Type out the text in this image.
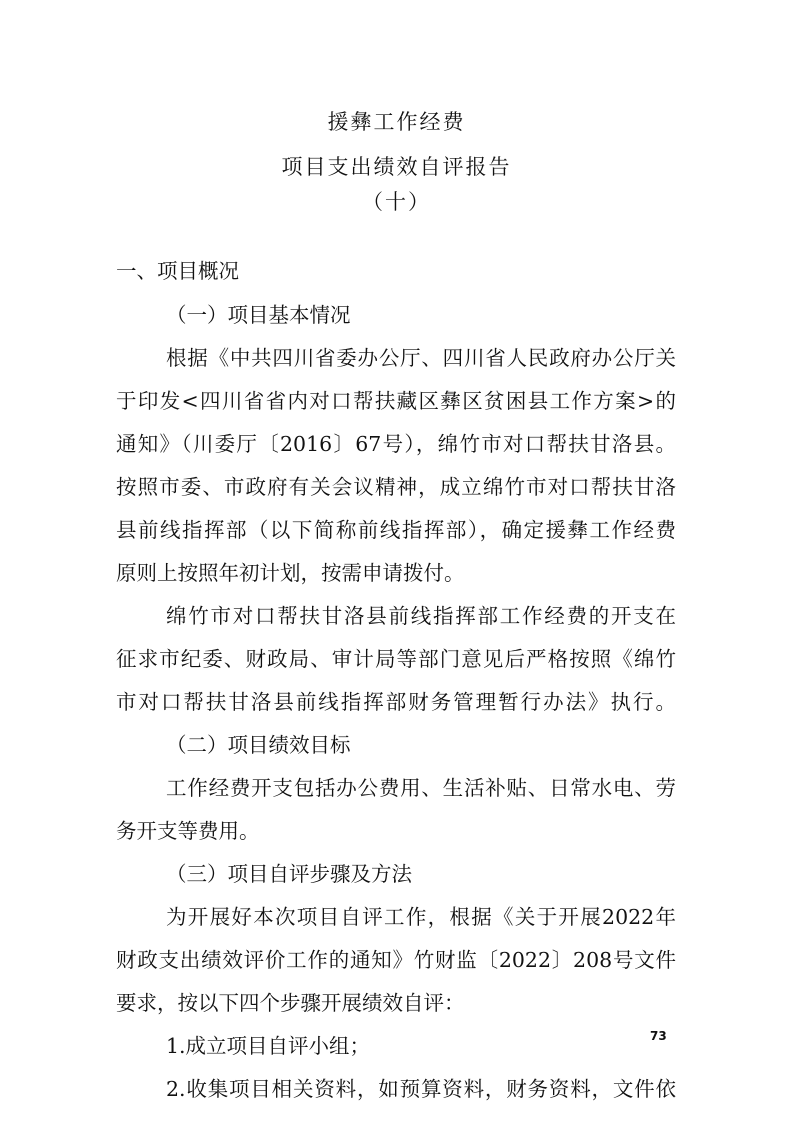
援彝工作经费
项目支出绩效自评报告
（十）
一、项目概况
（一）项目基本情况
根据《中共四川省委办公厅、四川省人民政府办公厅关
于印发<四川省省内对口帮扶藏区彝区贫困县工作方案>的
通知》（川委厅〔2016〕67号），绵竹市对口帮扶甘洛县。
按照市委、市政府有关会议精神，成立绵竹市对口帮扶甘洛
县前线指挥部（以下简称前线指挥部），确定援彝工作经费
原则上按照年初计划，按需申请拨付。
绵竹市对口帮扶甘洛县前线指挥部工作经费的开支在
征求市纪委、财政局、审计局等部门意见后严格按照《绵竹
市对口帮扶甘洛县前线指挥部财务管理暂行办法》执行。
（二）项目绩效目标
工作经费开支包括办公费用、生活补贴、日常水电、劳
务开支等费用。
（三）项目自评步骤及方法
为开展好本次项目自评工作，根据《关于开展2022年
财政支出绩效评价工作的通知》竹财监〔2022〕208号文件
要求，按以下四个步骤开展绩效自评：
1.成立项目自评小组；
2.收集项目相关资料，如预算资料，财务资料，文件依
73
